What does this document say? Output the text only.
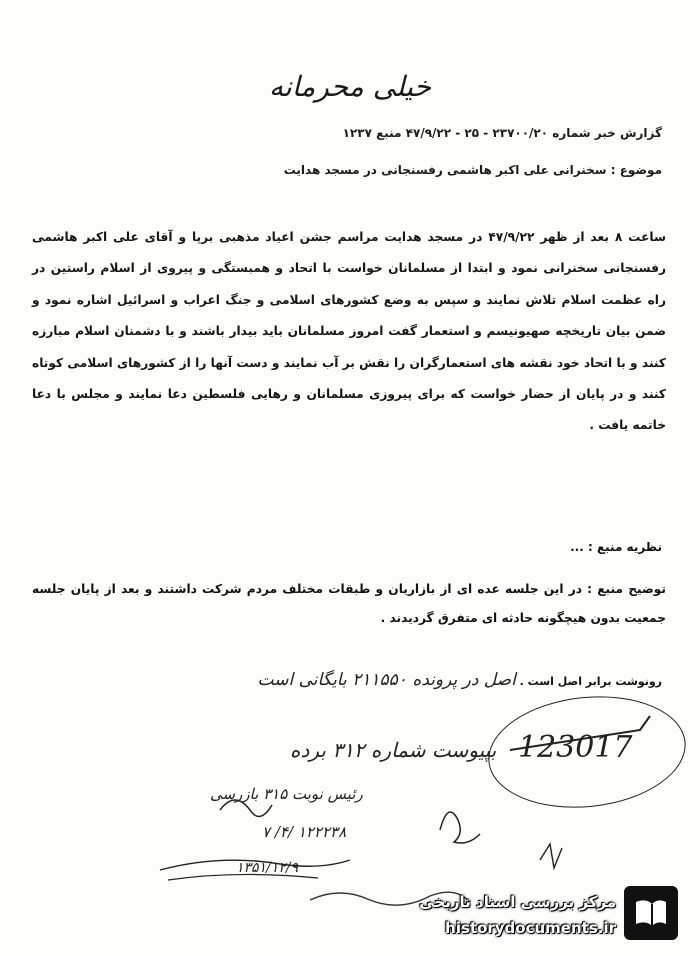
خیلی محرمانه
گزارش خبر شماره ۲۳۷۰۰/۲۰ - ۲۵ - ۴۷/۹/۲۲ منبع ۱۲۳۷
موضوع : سخنرانی علی اکبر هاشمی رفسنجانی در مسجد هدایت
ساعت ۸ بعد از ظهر ۴۷/۹/۲۲ در مسجد هدایت مراسم جشن اعیاد مذهبی برپا و آقای علی اکبر هاشمی رفسنجانی سخنرانی نمود و ابتدا از مسلمانان خواست با اتحاد و همبستگی و پیروی از اسلام راستین در راه عظمت اسلام تلاش نمایند و سپس به وضع کشورهای اسلامی و جنگ اعراب و اسرائیل اشاره نمود و ضمن بیان تاریخچه صهیونیسم و استعمار گفت امروز مسلمانان باید بیدار باشند و با دشمنان اسلام مبارزه کنند و با اتحاد خود نقشه های استعمارگران را نقش بر آب نمایند و دست آنها را از کشورهای اسلامی کوتاه کنند و در پایان از حضار خواست که برای پیروزی مسلمانان و رهایی فلسطین دعا نمایند و مجلس با دعا خاتمه یافت .
نظریه منبع : ...
توضیح منبع : در این جلسه عده ای از بازاریان و طبقات مختلف مردم شرکت داشتند و بعد از پایان جلسه جمعیت بدون هیچگونه حادثه ای متفرق گردیدند .
رونوشت برابر اصل است . اصل در پرونده ۲۱۱۵۵۰ بایگانی است
123017
بپیوست شماره ۳۱۲ برده
رئیس نوبت ۳۱۵ بازرسی
۱۲۲۲۳۸ /۴/ ۷
۱۳۵۱/۱۲/۹
مرکز بررسی اسناد تاریخی
historydocuments.ir
